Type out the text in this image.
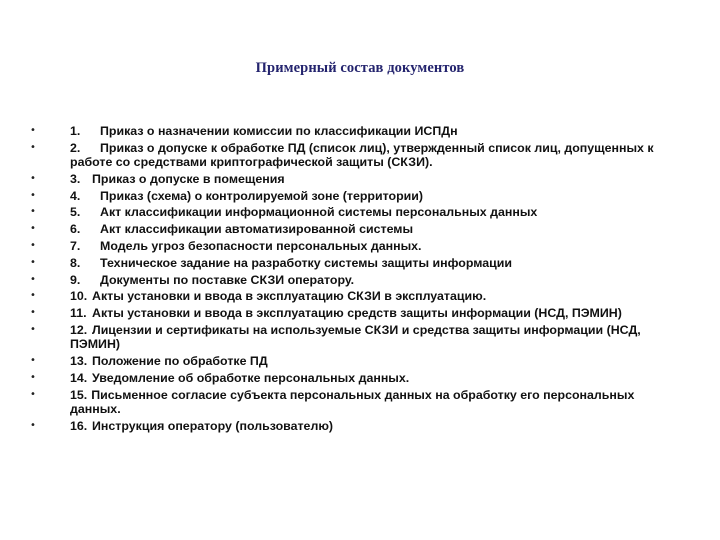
Примерный состав документов
•	1. Приказ о назначении комиссии по классификации ИСПДн
•	2. Приказ о допуске к обработке ПД (список лиц), утвержденный список лиц, допущенных к работе со средствами криптографической защиты (СКЗИ).
•	3. Приказ о допуске в помещения
•	4. Приказ (схема) о контролируемой зоне (территории)
•	5. Акт классификации информационной системы персональных данных
•	6. Акт классификации автоматизированной системы
•	7. Модель угроз безопасности персональных данных.
•	8. Техническое задание на разработку системы защиты информации
•	9. Документы по поставке СКЗИ оператору.
•	10. Акты установки и ввода в эксплуатацию СКЗИ в эксплуатацию.
•	11. Акты установки и ввода в эксплуатацию средств защиты информации (НСД, ПЭМИН)
•	12. Лицензии и сертификаты на используемые СКЗИ и средства защиты информации (НСД, ПЭМИН)
•	13. Положение по обработке ПД
•	14. Уведомление об обработке персональных данных.
•	15. Письменное согласие субъекта персональных данных на обработку его персональных данных.
•	16. Инструкция оператору (пользователю)
